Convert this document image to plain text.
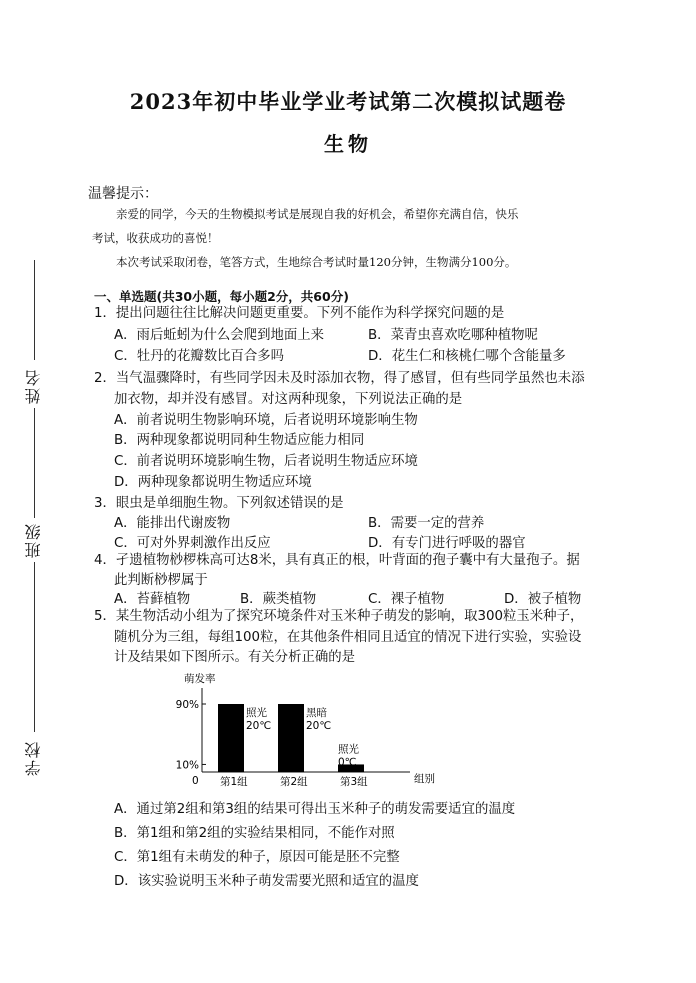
2023年初中毕业学业考试第二次模拟试题卷
生物
温馨提示：
亲爱的同学，今天的生物模拟考试是展现自我的好机会，希望你充满自信，快乐
考试，收获成功的喜悦！
本次考试采取闭卷，笔答方式，生地综合考试时量120分钟，生物满分100分。
姓名
班级
学校
一、单选题(共30小题，每小题2分，共60分)
1．提出问题往往比解决问题更重要。下列不能作为科学探究问题的是
A．雨后蚯蚓为什么会爬到地面上来	B．菜青虫喜欢吃哪种植物呢
C．牡丹的花瓣数比百合多吗	D．花生仁和核桃仁哪个含能量多
2．当气温骤降时，有些同学因未及时添加衣物，得了感冒，但有些同学虽然也未添
加衣物，却并没有感冒。对这两种现象，下列说法正确的是
A．前者说明生物影响环境，后者说明环境影响生物
B．两种现象都说明同种生物适应能力相同
C．前者说明环境影响生物，后者说明生物适应环境
D．两种现象都说明生物适应环境
3．眼虫是单细胞生物。下列叙述错误的是
A．能排出代谢废物	B．需要一定的营养
C．可对外界刺激作出反应	D．有专门进行呼吸的器官
4．孑遗植物桫椤株高可达8米，具有真正的根，叶背面的孢子囊中有大量孢子。据
此判断桫椤属于
A．苔藓植物	B．蕨类植物	C．裸子植物	D．被子植物
5．某生物活动小组为了探究环境条件对玉米种子萌发的影响，取300粒玉米种子，
随机分为三组，每组100粒，在其他条件相同且适宜的情况下进行实验，实验设
计及结果如下图所示。有关分析正确的是
萌发率
0	组别
90%
10%
第1组
照光
20℃
第2组
黑暗
20℃
第3组
照光
0℃
A．通过第2组和第3组的结果可得出玉米种子的萌发需要适宜的温度
B．第1组和第2组的实验结果相同，不能作对照
C．第1组有未萌发的种子，原因可能是胚不完整
D．该实验说明玉米种子萌发需要光照和适宜的温度
